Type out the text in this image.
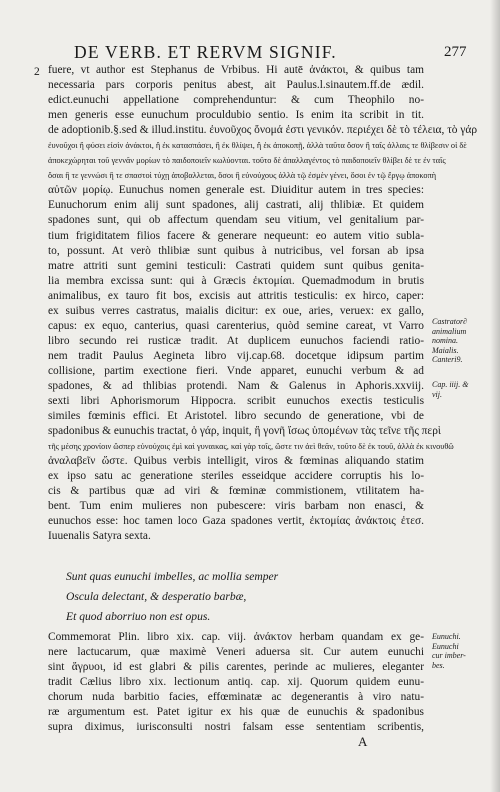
DE VERB. ET RERVM SIGNIF.	277
2 fuere, vt author est Stephanus de Vrbibus. Hi autē ἀνάκτοι, & quibus tam
necessaria pars corporis penitus abest, ait Paulus.l.sinautem.ff.de ædil.
edict.eunuchi appellatione comprehenduntur: & cum Theophilo no-
men generis esse eunuchum proculdubio sentio. Is enim ita scribit in tit.
de adoptionib.§.sed & illud.institu. ἐυνοῦχος ὄνομά ἐστι γενικόν. περιέχει δὲ τὸ τέλεια, τὸ γάρ
ἐυνοῦχοι ἤ φύσει εἰσὶν ἀνάκτοι, ἢ ἐκ κατασπάσει, ἢ ἐκ θλίψει, ἢ ἐκ ἀποκοπῇ, ἀλλὰ ταῦτα ὅσον ἢ ταῖς ἀλλαις τε θλίβεσιν οἱ δὲ
ἀποκεχώρηται τοῦ γεννᾶν μορίων τὸ παιδοποιεῖν κωλύονται. τοῦτο δὲ ἀπαλλαγέντος τὸ παιδοποιεῖν θλίβει δὲ τε ἐν ταῖς
ὅσαι ἢ τε γεννώσι ἢ τε σπαστοὶ τύχῃ ἀποβαλλεται, ὅσοι ἢ εὐνούχους ἀλλὰ τῷ ἐσμὲν γένει, ὅσοι ἐν τῷ ἔργῳ ἀποκοπὴ
αὐτῶν μορίῳ. Eunuchus nomen generale est. Diuiditur autem in tres species:
Eunuchorum enim alij sunt spadones, alij castrati, alij thlibiæ. Et quidem
spadones sunt, qui ob affectum quendam seu vitium, vel genitalium par-
tium frigiditatem filios facere & generare nequeunt: eo autem vitio subla-
to, possunt. At verò thlibiæ sunt quibus à nutricibus, vel forsan ab ipsa
matre attriti sunt gemini testiculi: Castrati quidem sunt quibus genita-
lia membra excissa sunt: qui à Græcis ἐκτομίαι. Quemadmodum in brutis
animalibus, ex tauro fit bos, excisis aut attritis testiculis: ex hirco, caper:
ex suibus verres castratus, maialis dicitur: ex oue, aries, veruex: ex gallo,
capus: ex equo, canterius, quasi carenterius, quòd semine careat, vt Varro
libro secundo rei rusticæ tradit. At duplicem eunuchos faciendi ratio-
nem tradit Paulus Aegineta libro vij.cap.68. docetque idipsum partim
collisione, partim exectione fieri. Vnde apparet, eunuchi verbum & ad
spadones, & ad thlibias protendi. Nam & Galenus in Aphoris.xxviij.
sexti libri Aphorismorum Hippocra. scribit eunuchos exectis testiculis
similes fœminis effici. Et Aristotel. libro secundo de generatione, vbi de
spadonibus & eunuchis tractat, ὁ γάρ, inquit, ἢ γονῆ ἴσως ὑπομένων τὰς τεῖνε τῆς περὶ
τῆς μέσης χρονίοιν ὥσπερ εὐνούχοις ἐμὶ καὶ γυναικας, καὶ γὰρ τοῖς, ὥστε τιν ἀεὶ θεᾶν, τοῦτο δὲ ἐκ τουῦ, ἀλλὰ ἐκ κινουθῶ
ἀναλαβεῖν ὥστε. Quibus verbis intelligit, viros & fœminas aliquando statim
ex ipso satu ac generatione steriles esseidque accidere corruptis his lo-
cis & partibus quæ ad viri & fœminæ commistionem, vtilitatem ha-
bent. Tum enim mulieres non pubescere: viris barbam non enasci, &
eunuchos esse: hoc tamen loco Gaza spadones vertit, ἐκτομίας ἀνάκτοις ἐτεσ.
Iuuenalis Satyra sexta.
Sunt quas eunuchi imbelles, ac mollia semper
Oscula delectant, & desperatio barbæ,
Et quod aborriuo non est opus.
Commemorat Plin. libro xix. cap. viij. ἀνάκτον herbam quandam ex ge-
nere lactucarum, quæ maximè Veneri aduersa sit. Cur autem eunuchi
sint ἄγρυοι, id est glabri & pilis carentes, perinde ac mulieres, eleganter
tradit Cælius libro xix. lectionum antiq. cap. xij. Quorum quidem eunu-
chorum nuda barbitio facies, effœminatæ ac degenerantis à viro natu-
ræ argumentum est. Patet igitur ex his quæ de eunuchis & spadonibus
supra diximus, iurisconsulti nostri falsam esse sententiam scribentis,
Castrator∂
animalium
nomina.
Maialis.
Canteri9.
Cap. iiij. &
vij.
Eunuchi.
Eunuchi
cur imber-
bes.
A
